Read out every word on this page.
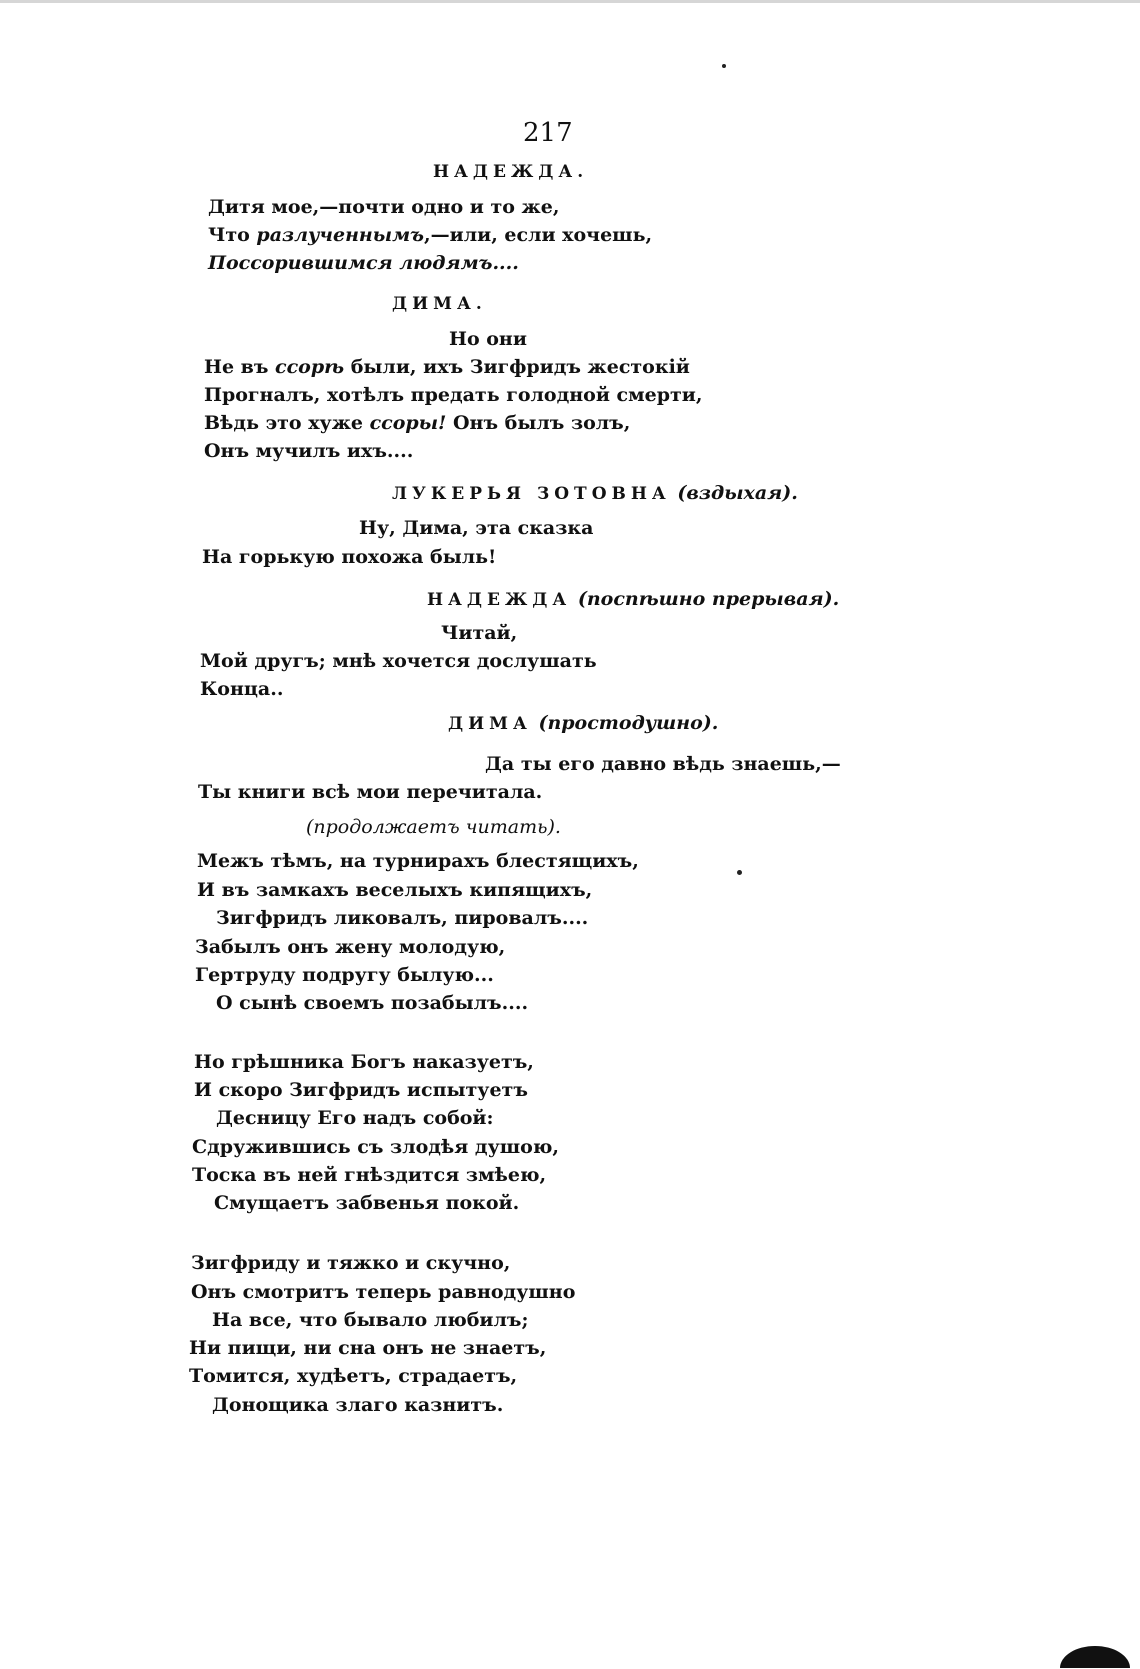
217
НАДЕЖДА.
Дитя мое,—почти одно и то же,
Что разлученнымъ,—или, если хочешь,
Поссорившимся людямъ....
ДИМА.
Но они
Не въ ссорѣ были, ихъ Зигфридъ жестокій
Прогналъ, хотѣлъ предать голодной смерти,
Вѣдь это хуже ссоры! Онъ былъ золъ,
Онъ мучилъ ихъ....
ЛУКЕРЬЯ ЗОТОВНА (вздыхая).
Ну, Дима, эта сказка
На горькую похожа быль!
НАДЕЖДА (поспѣшно прерывая).
Читай,
Мой другъ; мнѣ хочется дослушать
Конца..
ДИМА (простодушно).
Да ты его давно вѣдь знаешь,—
Ты книги всѣ мои перечитала.
(продолжаетъ читать).
Межъ тѣмъ, на турнирахъ блестящихъ,
И въ замкахъ веселыхъ кипящихъ,
Зигфридъ ликовалъ, пировалъ....
Забылъ онъ жену молодую,
Гертруду подругу былую...
О сынѣ своемъ позабылъ....
Но грѣшника Богъ наказуетъ,
И скоро Зигфридъ испытуетъ
Десницу Его надъ собой:
Сдружившись съ злодѣя душою,
Тоска въ ней гнѣздится змѣею,
Смущаетъ забвенья покой.
Зигфриду и тяжко и скучно,
Онъ смотритъ теперь равнодушно
На все, что бывало любилъ;
Ни пищи, ни сна онъ не знаетъ,
Томится, худѣетъ, страдаетъ,
Донощика злаго казнитъ.
